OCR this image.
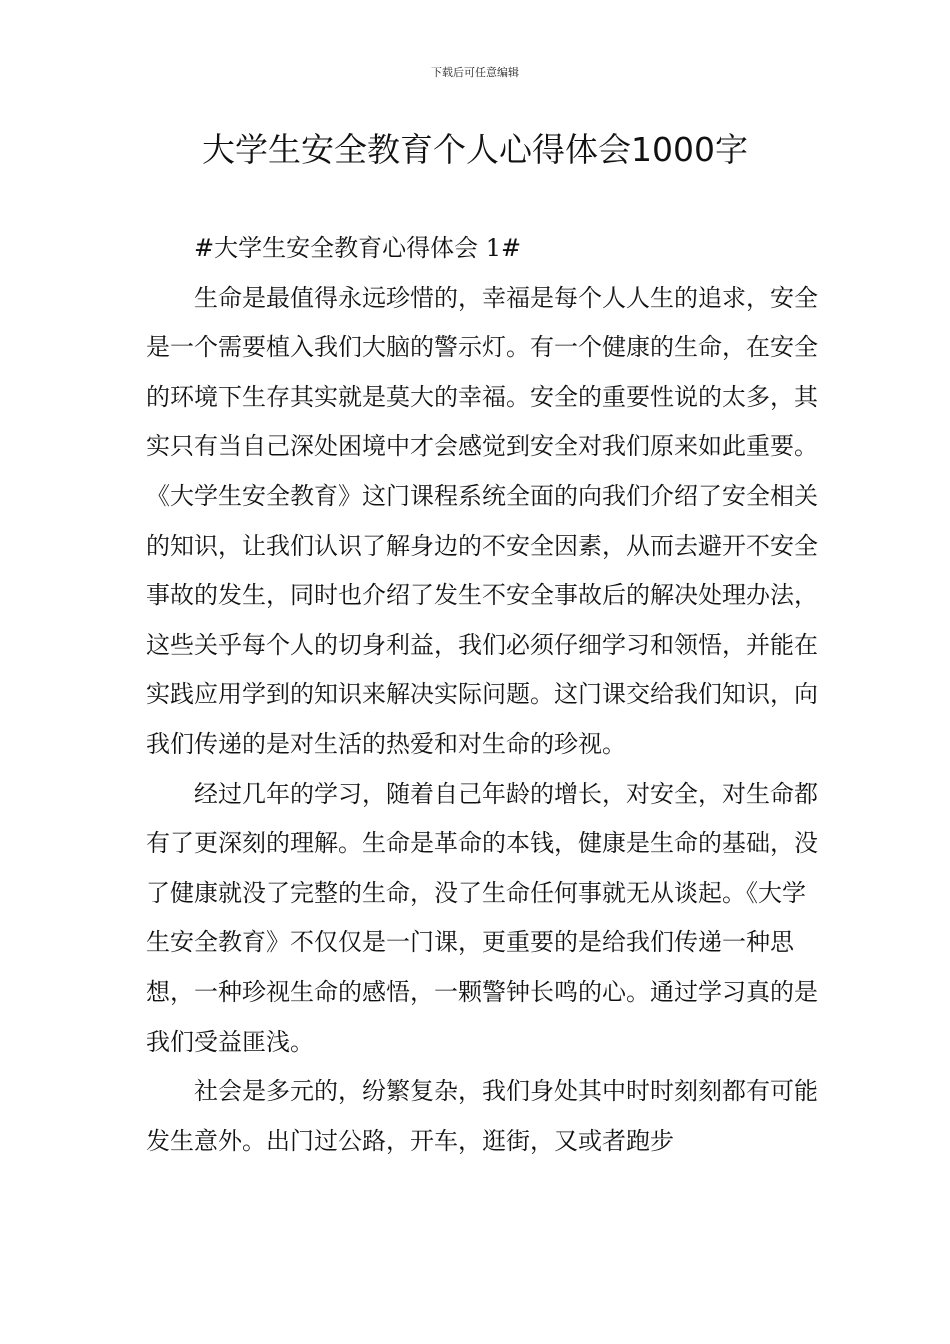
下载后可任意编辑
大学生安全教育个人心得体会1000字

#大学生安全教育心得体会 1#

生命是最值得永远珍惜的，幸福是每个人人生的追求，安全是一个需要植入我们大脑的警示灯。有一个健康的生命，在安全的环境下生存其实就是莫大的幸福。安全的重要性说的太多，其实只有当自己深处困境中才会感觉到安全对我们原来如此重要。《大学生安全教育》这门课程系统全面的向我们介绍了安全相关的知识，让我们认识了解身边的不安全因素，从而去避开不安全事故的发生，同时也介绍了发生不安全事故后的解决处理办法，这些关乎每个人的切身利益，我们必须仔细学习和领悟，并能在实践应用学到的知识来解决实际问题。这门课交给我们知识，向我们传递的是对生活的热爱和对生命的珍视。

经过几年的学习，随着自己年龄的增长，对安全，对生命都有了更深刻的理解。生命是革命的本钱，健康是生命的基础，没了健康就没了完整的生命，没了生命任何事就无从谈起。《大学生安全教育》不仅仅是一门课，更重要的是给我们传递一种思想，一种珍视生命的感悟，一颗警钟长鸣的心。通过学习真的是我们受益匪浅。

社会是多元的，纷繁复杂，我们身处其中时时刻刻都有可能发生意外。出门过公路，开车，逛街，又或者跑步
